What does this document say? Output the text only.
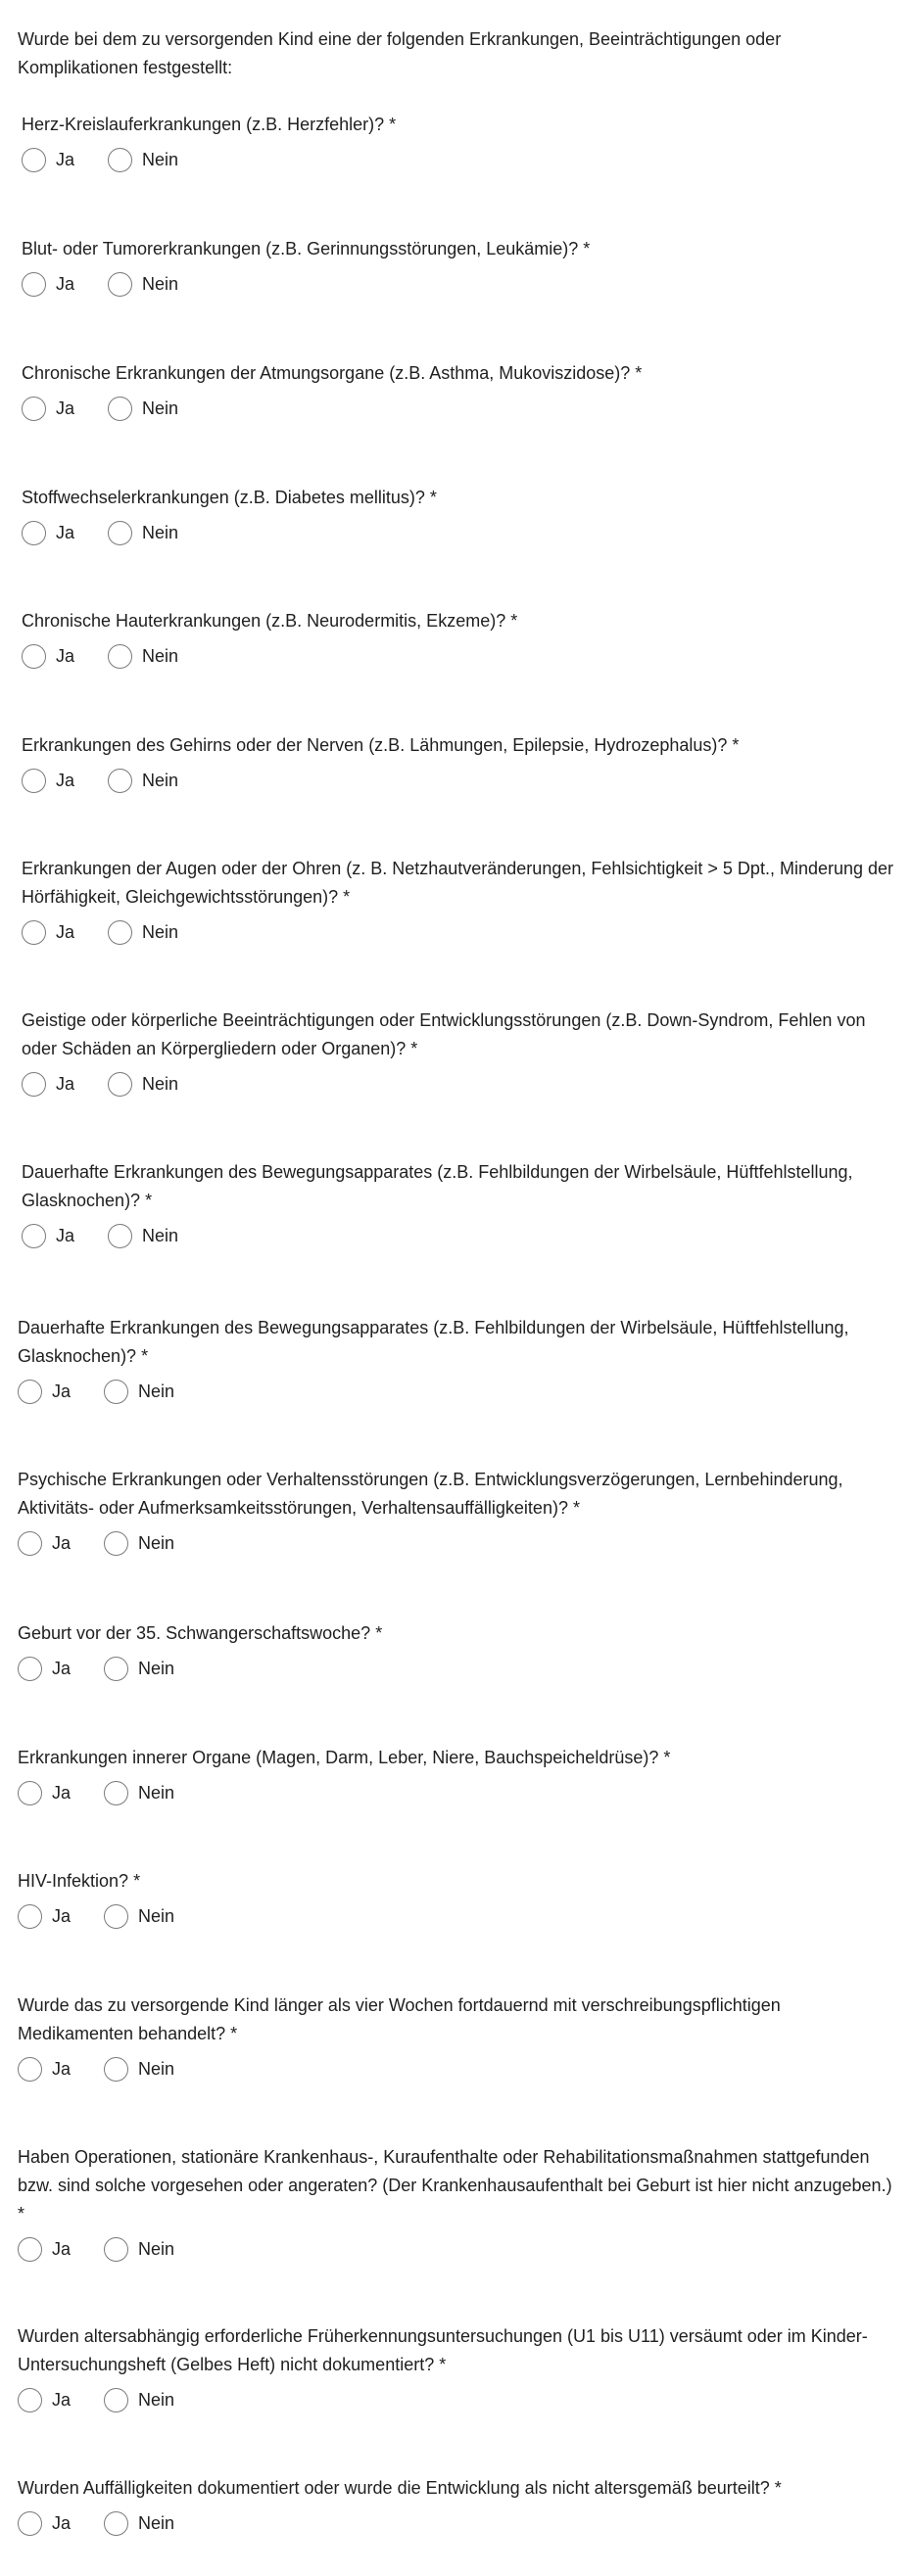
Wurde bei dem zu versorgenden Kind eine der folgenden Erkrankungen, Beeinträchtigungen oder Komplikationen festgestellt:

Herz-Kreislauferkrankungen (z.B. Herzfehler)? *

Ja	Nein

Blut- oder Tumorerkrankungen (z.B. Gerinnungsstörungen, Leukämie)? *

Ja	Nein

Chronische Erkrankungen der Atmungsorgane (z.B. Asthma, Mukoviszidose)? *

Ja	Nein

Stoffwechselerkrankungen (z.B. Diabetes mellitus)? *

Ja	Nein

Chronische Hauterkrankungen (z.B. Neurodermitis, Ekzeme)? *

Ja	Nein

Erkrankungen des Gehirns oder der Nerven (z.B. Lähmungen, Epilepsie, Hydrozephalus)? *

Ja	Nein

Erkrankungen der Augen oder der Ohren (z. B. Netzhautveränderungen, Fehlsichtigkeit > 5 Dpt., Minderung der Hörfähigkeit, Gleichgewichtsstörungen)? *

Ja	Nein

Geistige oder körperliche Beeinträchtigungen oder Entwicklungsstörungen (z.B. Down-Syndrom, Fehlen von oder Schäden an Körpergliedern oder Organen)? *

Ja	Nein

Dauerhafte Erkrankungen des Bewegungsapparates (z.B. Fehlbildungen der Wirbelsäule, Hüftfehlstellung, Glasknochen)? *

Ja	Nein

Dauerhafte Erkrankungen des Bewegungsapparates (z.B. Fehlbildungen der Wirbelsäule, Hüftfehlstellung, Glasknochen)? *

Ja	Nein

Psychische Erkrankungen oder Verhaltensstörungen (z.B. Entwicklungsverzögerungen, Lernbehinderung, Aktivitäts- oder Aufmerksamkeitsstörungen, Verhaltensauffälligkeiten)? *

Ja	Nein

Geburt vor der 35. Schwangerschaftswoche? *

Ja	Nein

Erkrankungen innerer Organe (Magen, Darm, Leber, Niere, Bauchspeicheldrüse)? *

Ja	Nein

HIV-Infektion? *

Ja	Nein

Wurde das zu versorgende Kind länger als vier Wochen fortdauernd mit verschreibungspflichtigen Medikamenten behandelt? *

Ja	Nein

Haben Operationen, stationäre Krankenhaus-, Kuraufenthalte oder Rehabilitationsmaßnahmen stattgefunden bzw. sind solche vorgesehen oder angeraten? (Der Krankenhausaufenthalt bei Geburt ist hier nicht anzugeben.) *

Ja	Nein

Wurden altersabhängig erforderliche Früherkennungsuntersuchungen (U1 bis U11) versäumt oder im Kinder-Untersuchungsheft (Gelbes Heft) nicht dokumentiert? *

Ja	Nein

Wurden Auffälligkeiten dokumentiert oder wurde die Entwicklung als nicht altersgemäß beurteilt? *

Ja	Nein
